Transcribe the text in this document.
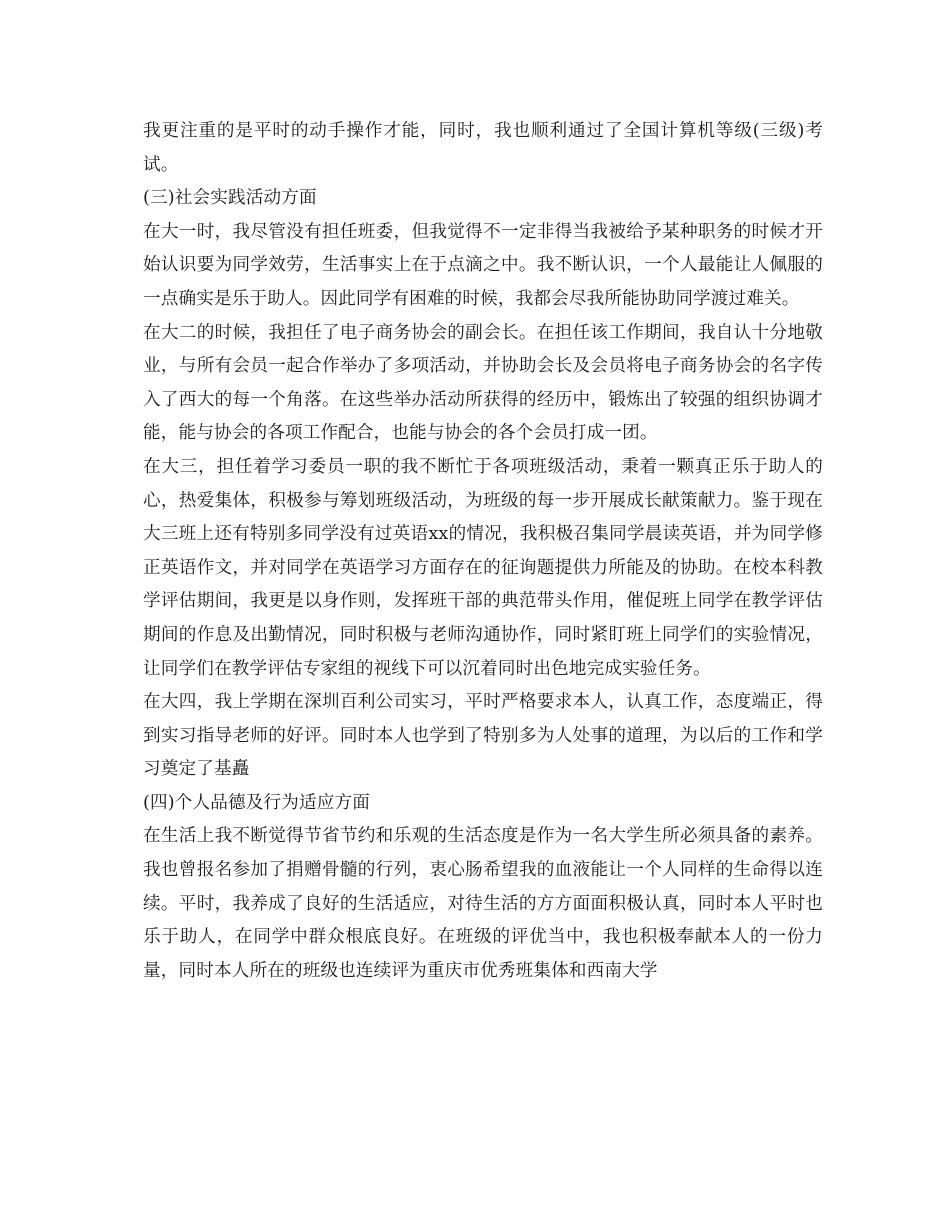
我更注重的是平时的动手操作才能，同时，我也顺利通过了全国计算机等级(三级)考试。

(三)社会实践活动方面

在大一时，我尽管没有担任班委，但我觉得不一定非得当我被给予某种职务的时候才开始认识要为同学效劳，生活事实上在于点滴之中。我不断认识，一个人最能让人佩服的一点确实是乐于助人。因此同学有困难的时候，我都会尽我所能协助同学渡过难关。

在大二的时候，我担任了电子商务协会的副会长。在担任该工作期间，我自认十分地敬业，与所有会员一起合作举办了多项活动，并协助会长及会员将电子商务协会的名字传入了西大的每一个角落。在这些举办活动所获得的经历中，锻炼出了较强的组织协调才能，能与协会的各项工作配合，也能与协会的各个会员打成一团。

在大三，担任着学习委员一职的我不断忙于各项班级活动，秉着一颗真正乐于助人的心，热爱集体，积极参与筹划班级活动，为班级的每一步开展成长献策献力。鉴于现在大三班上还有特别多同学没有过英语xx的情况，我积极召集同学晨读英语，并为同学修正英语作文，并对同学在英语学习方面存在的征询题提供力所能及的协助。在校本科教学评估期间，我更是以身作则，发挥班干部的典范带头作用，催促班上同学在教学评估期间的作息及出勤情况，同时积极与老师沟通协作，同时紧盯班上同学们的实验情况，让同学们在教学评估专家组的视线下可以沉着同时出色地完成实验任务。

在大四，我上学期在深圳百利公司实习，平时严格要求本人，认真工作，态度端正，得到实习指导老师的好评。同时本人也学到了特别多为人处事的道理，为以后的工作和学习奠定了基矗

(四)个人品德及行为适应方面

在生活上我不断觉得节省节约和乐观的生活态度是作为一名大学生所必须具备的素养。我也曾报名参加了捐赠骨髓的行列，衷心肠希望我的血液能让一个人同样的生命得以连续。平时，我养成了良好的生活适应，对待生活的方方面面积极认真，同时本人平时也乐于助人，在同学中群众根底良好。在班级的评优当中，我也积极奉献本人的一份力量，同时本人所在的班级也连续评为重庆市优秀班集体和西南大学
